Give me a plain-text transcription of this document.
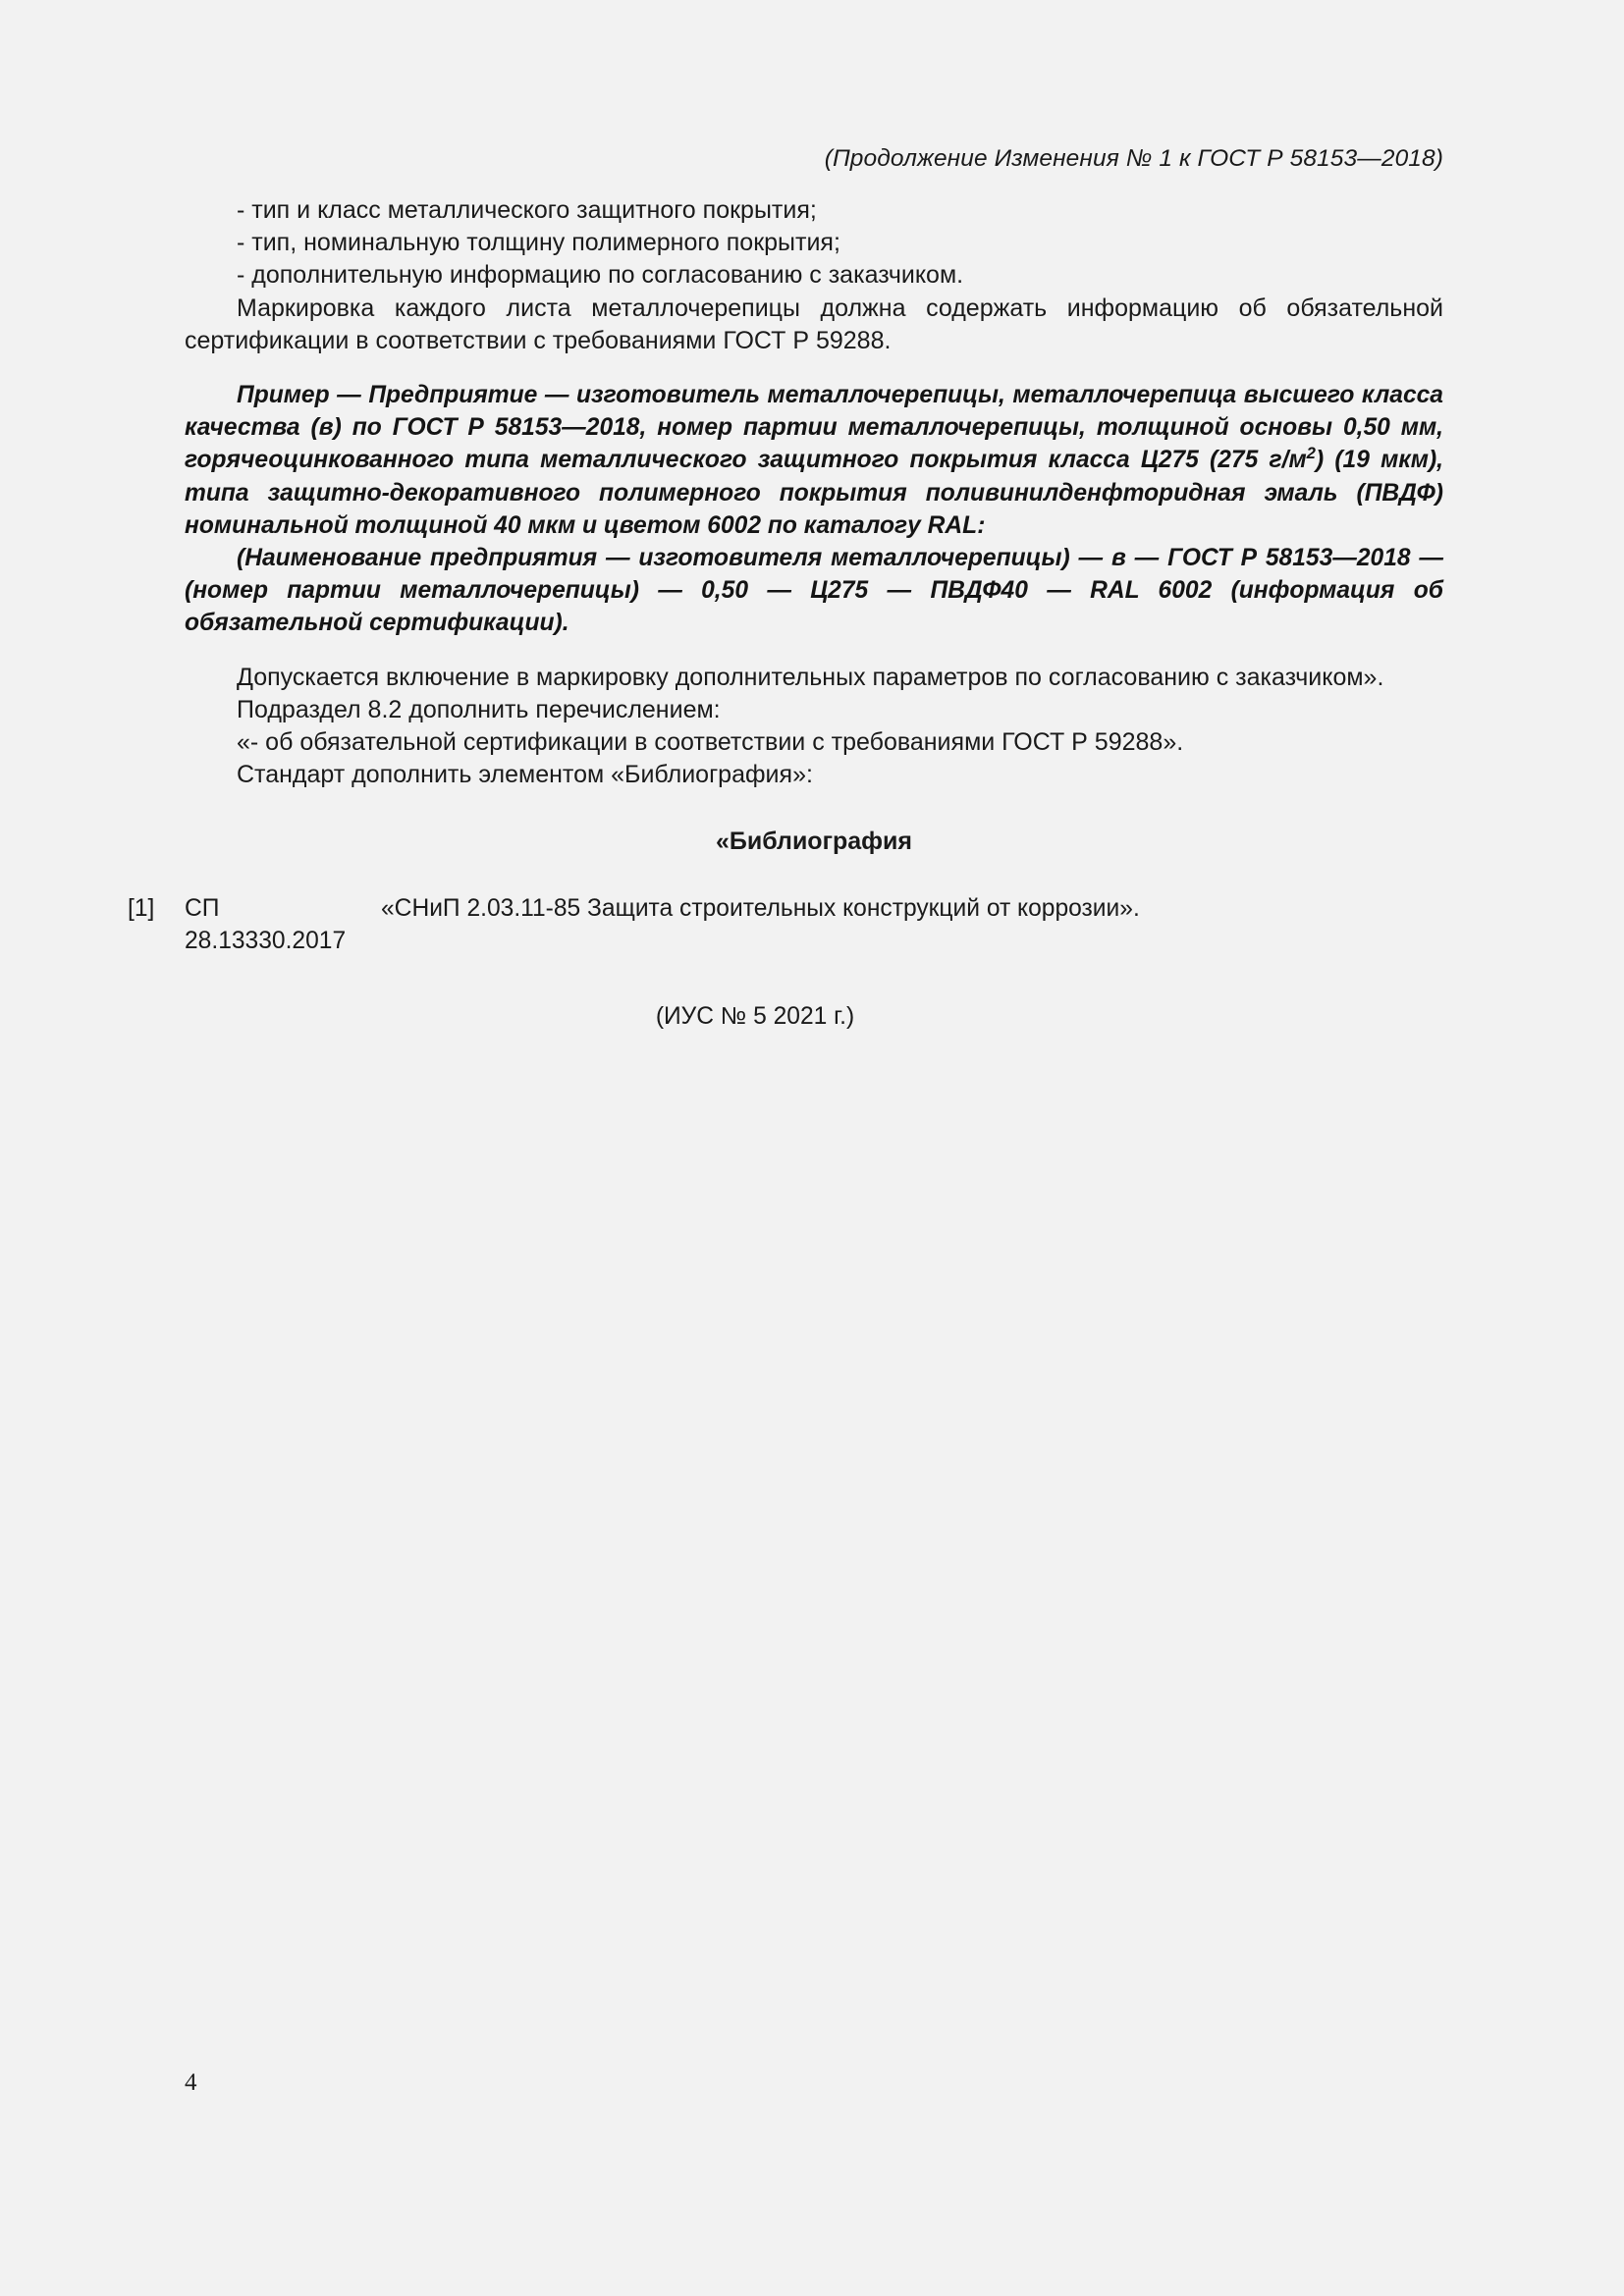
(Продолжение Изменения № 1 к ГОСТ Р 58153—2018)
- тип и класс металлического защитного покрытия;
- тип, номинальную толщину полимерного покрытия;
- дополнительную информацию по согласованию с заказчиком.

Маркировка каждого листа металлочерепицы должна содержать информацию об обязательной сертификации в соответствии с требованиями ГОСТ Р 59288.

Пример — Предприятие — изготовитель металлочерепицы, металлочерепица высшего класса качества (в) по ГОСТ Р 58153—2018, номер партии металлочерепицы, толщиной основы 0,50 мм, горячеоцинкованного типа металлического защитного покрытия класса Ц275 (275 $г/м^2$) (19 мкм), типа защитно-декоративного полимерного покрытия поливинилденфторидная эмаль (ПВДФ) номинальной толщиной 40 мкм и цветом 6002 по каталогу RAL:

(Наименование предприятия — изготовителя металлочерепицы) — в — ГОСТ Р 58153—2018 — (номер партии металлочерепицы) — 0,50 — Ц275 — ПВДФ40 — RAL 6002 (информация об обязательной сертификации).

Допускается включение в маркировку дополнительных параметров по согласованию с заказчиком».

Подраздел 8.2 дополнить перечислением:

«- об обязательной сертификации в соответствии с требованиями ГОСТ Р 59288».

Стандарт дополнить элементом «Библиография»:

«Библиография

[1]	СП 28.13330.2017
«СНиП 2.03.11-85 Защита строительных конструкций от коррозии».

(ИУС № 5 2021 г.)

4
